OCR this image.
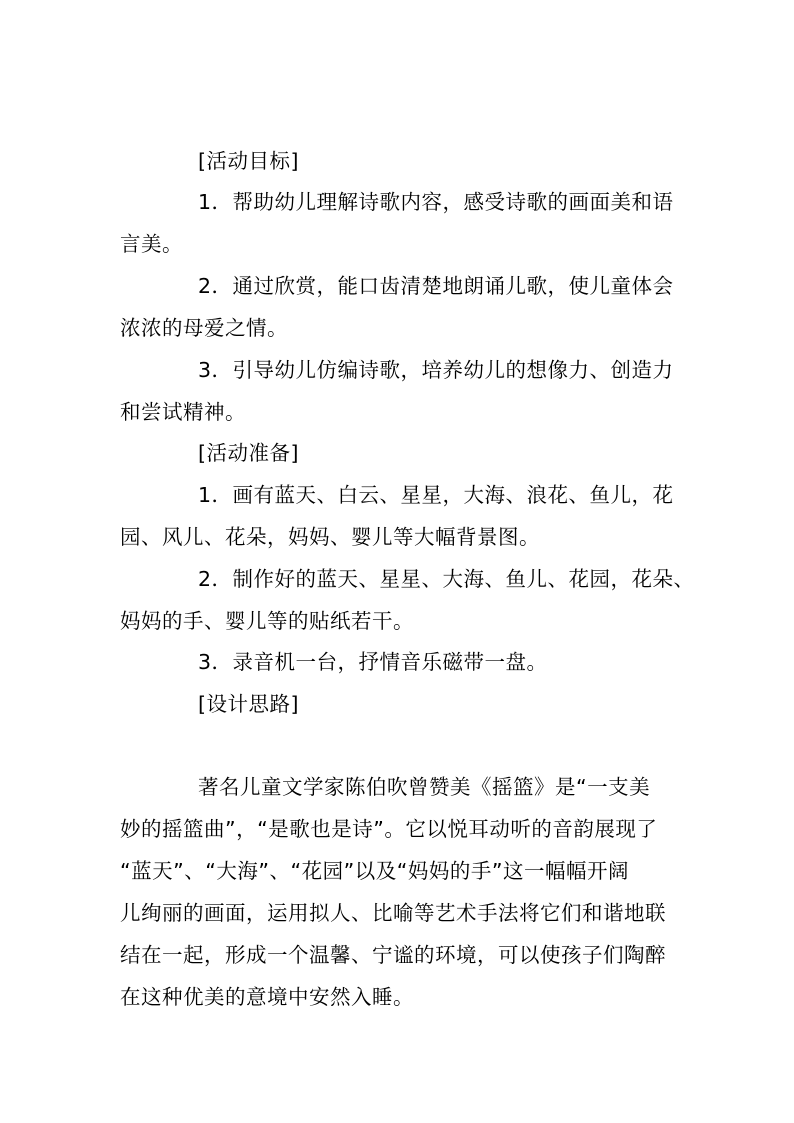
[活动目标]
1．帮助幼儿理解诗歌内容，感受诗歌的画面美和语
言美。
2．通过欣赏，能口齿清楚地朗诵儿歌，使儿童体会
浓浓的母爱之情。
3．引导幼儿仿编诗歌，培养幼儿的想像力、创造力
和尝试精神。
[活动准备]
1．画有蓝天、白云、星星，大海、浪花、鱼儿，花
园、风儿、花朵，妈妈、婴儿等大幅背景图。
2．制作好的蓝天、星星、大海、鱼儿、花园，花朵、
妈妈的手、婴儿等的贴纸若干。
3．录音机一台，抒情音乐磁带一盘。
[设计思路]
著名儿童文学家陈伯吹曾赞美《摇篮》是“一支美
妙的摇篮曲”，“是歌也是诗”。它以悦耳动听的音韵展现了
“蓝天”、“大海”、“花园”以及“妈妈的手”这一幅幅开阔
儿绚丽的画面，运用拟人、比喻等艺术手法将它们和谐地联
结在一起，形成一个温馨、宁谧的环境，可以使孩子们陶醉
在这种优美的意境中安然入睡。
